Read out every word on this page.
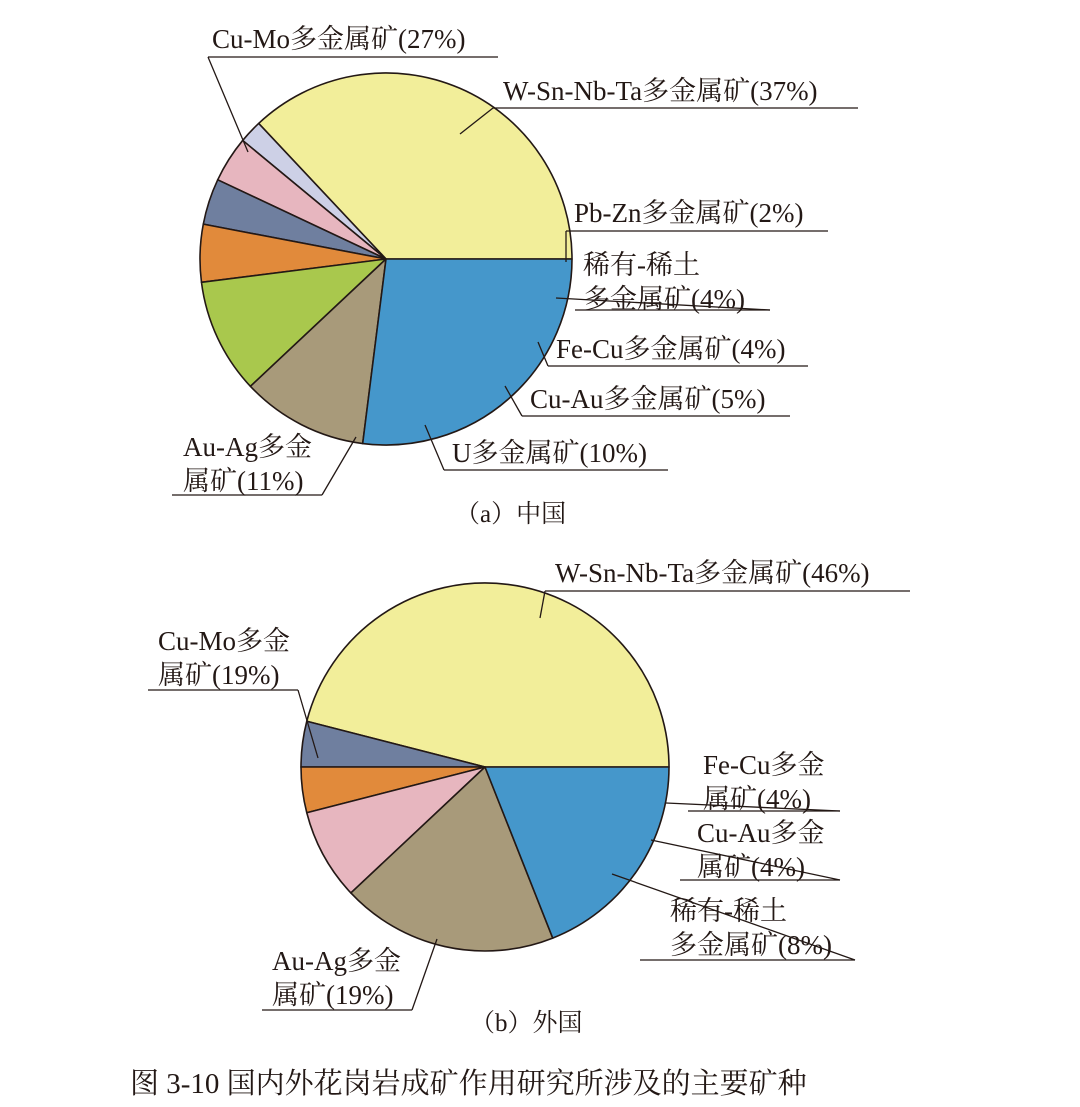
W-Sn-Nb-Ta多金属矿(37%)
Pb-Zn多金属矿(2%)
稀有-稀土多金属矿(4%)
Fe-Cu多金属矿(4%)
Cu-Au多金属矿(5%)
U多金属矿(10%)
Au-Ag多金属矿(11%)
Cu-Mo多金属矿(27%)
（a）中国
W-Sn-Nb-Ta多金属矿(46%)
Fe-Cu多金属矿(4%)
Cu-Au多金属矿(4%)
稀有-稀土多金属矿(8%)
Au-Ag多金属矿(19%)
Cu-Mo多金属矿(19%)
（b）外国
图 3-10 国内外花岗岩成矿作用研究所涉及的主要矿种
